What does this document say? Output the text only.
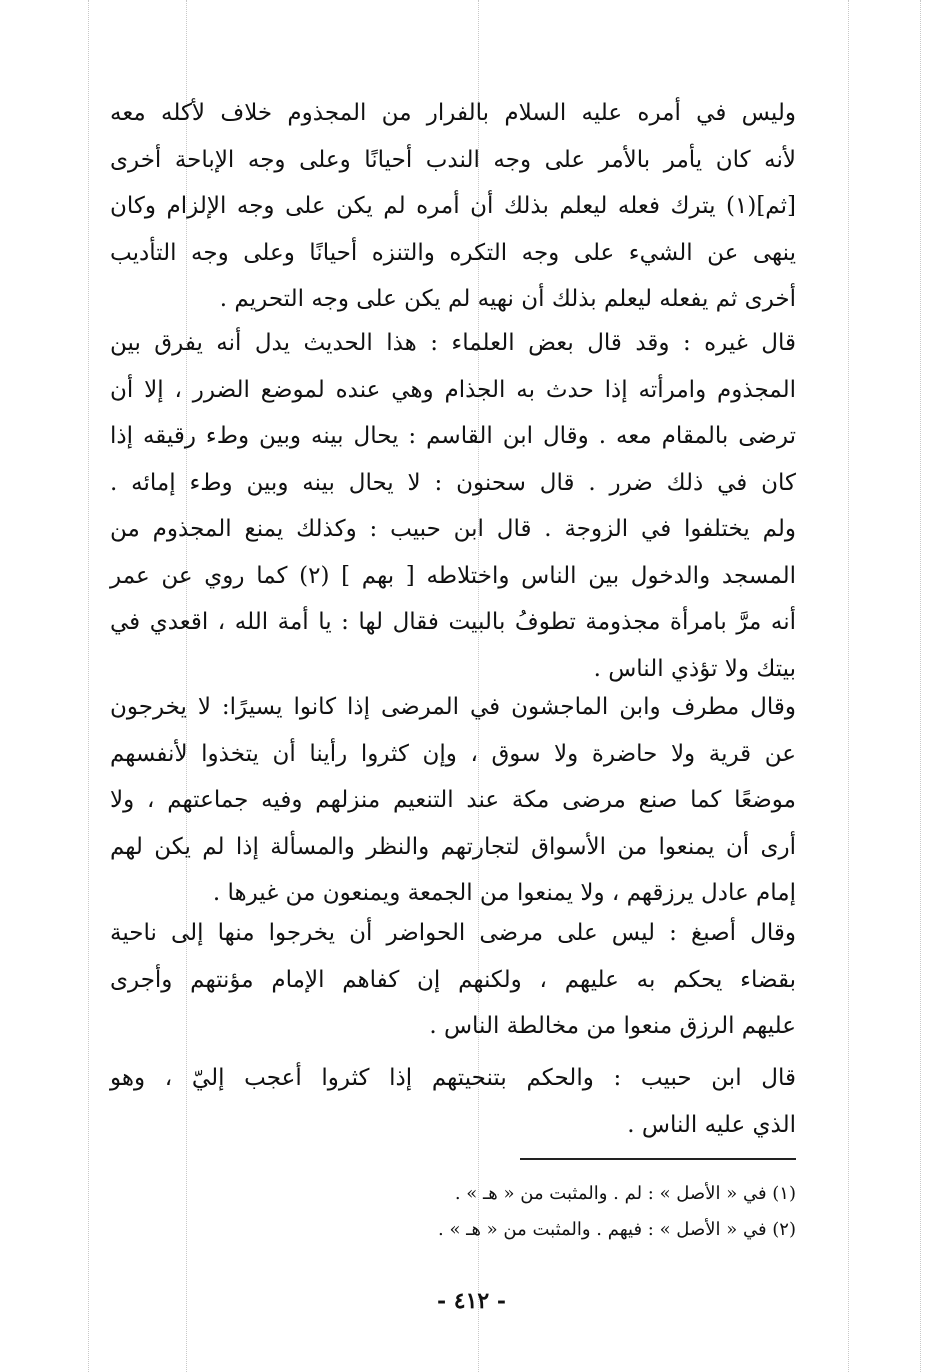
وليس في أمره عليه السلام بالفرار من المجذوم خلاف لأكله معه
لأنه كان يأمر بالأمر على وجه الندب أحيانًا وعلى وجه الإباحة أخرى
[ثم](١) يترك فعله ليعلم بذلك أن أمره لم يكن على وجه الإلزام وكان
ينهى عن الشيء على وجه التكره والتنزه أحيانًا وعلى وجه التأديب
أخرى ثم يفعله ليعلم بذلك أن نهيه لم يكن على وجه التحريم .
قال غيره : وقد قال بعض العلماء : هذا الحديث يدل أنه يفرق بين
المجذوم وامرأته إذا حدث به الجذام وهي عنده لموضع الضرر ، إلا أن
ترضى بالمقام معه . وقال ابن القاسم : يحال بينه وبين وطء رقيقه إذا
كان في ذلك ضرر . قال سحنون : لا يحال بينه وبين وطء إمائه .
ولم يختلفوا في الزوجة . قال ابن حبيب : وكذلك يمنع المجذوم من
المسجد والدخول بين الناس واختلاطه [ بهم ] (٢) كما روي عن عمر
أنه مرَّ بامرأة مجذومة تطوفُ بالبيت فقال لها : يا أمة الله ، اقعدي في
بيتك ولا تؤذي الناس .
وقال مطرف وابن الماجشون في المرضى إذا كانوا يسيرًا: لا يخرجون
عن قرية ولا حاضرة ولا سوق ، وإن كثروا رأينا أن يتخذوا لأنفسهم
موضعًا كما صنع مرضى مكة عند التنعيم منزلهم وفيه جماعتهم ، ولا
أرى أن يمنعوا من الأسواق لتجارتهم والنظر والمسألة إذا لم يكن لهم
إمام عادل يرزقهم ، ولا يمنعوا من الجمعة ويمنعون من غيرها .
وقال أصبغ : ليس على مرضى الحواضر أن يخرجوا منها إلى ناحية
بقضاء يحكم به عليهم ، ولكنهم إن كفاهم الإمام مؤنتهم وأجرى
عليهم الرزق منعوا من مخالطة الناس .
قال ابن حبيب : والحكم بتنحيتهم إذا كثروا أعجب إليّ ، وهو
الذي عليه الناس .
(١) في « الأصل » : لم . والمثبت من « هـ » .
(٢) في « الأصل » : فيهم . والمثبت من « هـ » .
- ٤١٢ -
